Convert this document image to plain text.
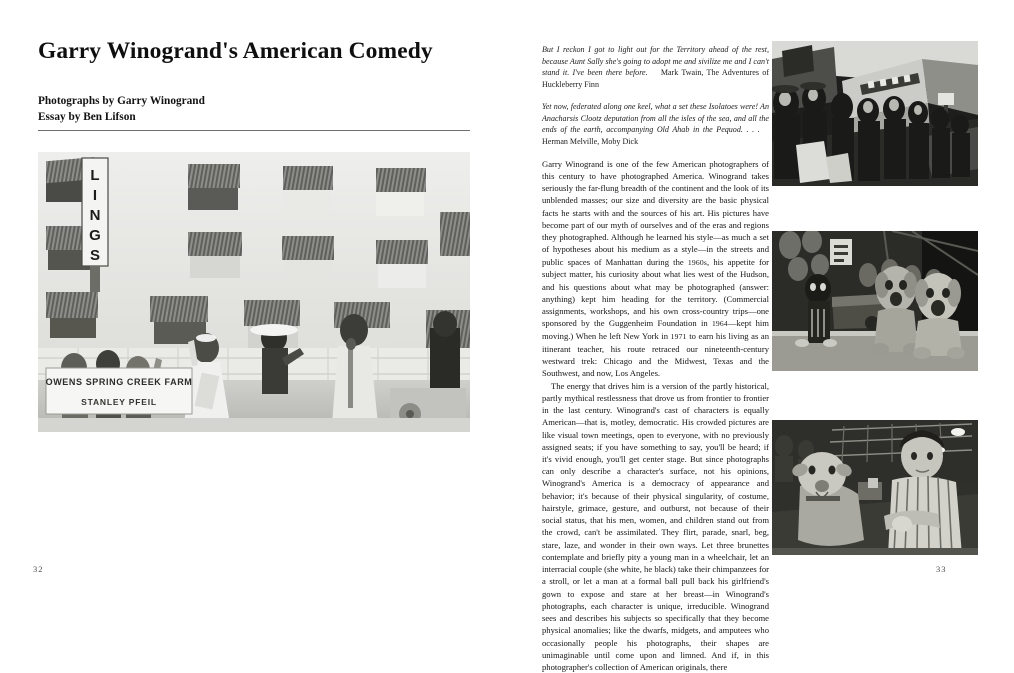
Garry Winogrand's American Comedy
Photographs by Garry Winogrand
Essay by Ben Lifson
L
I
N
G
S
OWENS SPRING CREEK FARM
STANLEY PFEIL
32
But I reckon I got to light out for the Territory ahead of the rest, because Aunt Sally she's going to adopt me and sivilize me and I can't stand it. I've been there before. Mark Twain, The Adventures of Huckleberry Finn
Yet now, federated along one keel, what a set these Isolatoes were! An Anacharsis Clootz deputation from all the isles of the sea, and all the ends of the earth, accompanying Old Ahab in the Pequod. . . .    Herman Melville, Moby Dick

Garry Winogrand is one of the few American photographers of this century to have photographed America. Winogrand takes seriously the far-flung breadth of the continent and the look of its unblended masses; our size and diversity are the basic physical facts he starts with and the sources of his art. His pictures have become part of our myth of ourselves and of the eras and regions they photographed. Although he learned his style—as much a set of hypotheses about his medium as a style—in the streets and public spaces of Manhattan during the 1960s, his appetite for subject matter, his curiosity about what lies west of the Hudson, and his questions about what may be photographed (answer: anything) kept him heading for the territory. (Commercial assignments, workshops, and his own cross-country trips—one sponsored by the Guggenheim Foundation in 1964—kept him moving.) When he left New York in 1971 to earn his living as an itinerant teacher, his route retraced our nineteenth-century westward trek: Chicago and the Midwest, Texas and the Southwest, and now, Los Angeles.

The energy that drives him is a version of the partly historical, partly mythical restlessness that drove us from frontier to frontier in the last century. Winogrand's cast of characters is equally American—that is, motley, democratic. His crowded pictures are like visual town meetings, open to everyone, with no previously assigned seats; if you have something to say, you'll be heard; if it's vivid enough, you'll get center stage. But since photographs can only describe a character's surface, not his opinions, Winogrand's America is a democracy of appearance and behavior; it's because of their physical singularity, of costume, hairstyle, grimace, gesture, and outburst, not because of their social status, that his men, women, and children stand out from the crowd, can't be assimilated. They flirt, parade, snarl, beg, stare, laze, and wonder in their own ways. Let three brunettes contemplate and briefly pity a young man in a wheelchair, let an interracial couple (she white, he black) take their chimpanzees for a stroll, or let a man at a formal ball pull back his girlfriend's gown to expose and stare at her breast—in Winogrand's photographs, each character is unique, irreducible. Winogrand sees and describes his subjects so specifically that they become physical anomalies; like the dwarfs, midgets, and amputees who occasionally people his photographs, their shapes are unimaginable until come upon and limned. And if, in this photographer's collection of American originals, there

33
